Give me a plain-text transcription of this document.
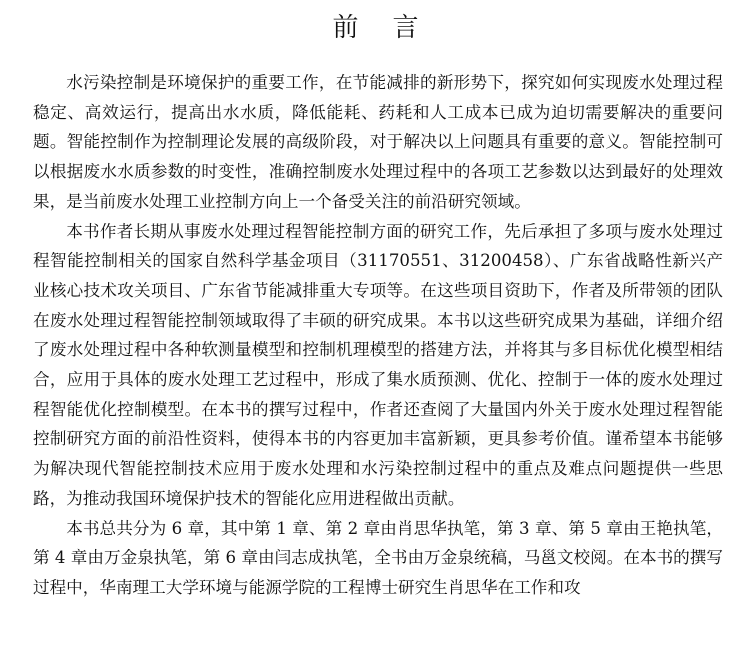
前言

水污染控制是环境保护的重要工作，在节能减排的新形势下，探究如何实现废水处理过程稳定、高效运行，提高出水水质，降低能耗、药耗和人工成本已成为迫切需要解决的重要问题。智能控制作为控制理论发展的高级阶段，对于解决以上问题具有重要的意义。智能控制可以根据废水水质参数的时变性，准确控制废水处理过程中的各项工艺参数以达到最好的处理效果，是当前废水处理工业控制方向上一个备受关注的前沿研究领域。

本书作者长期从事废水处理过程智能控制方面的研究工作，先后承担了多项与废水处理过程智能控制相关的国家自然科学基金项目（31170551、31200458）、广东省战略性新兴产业核心技术攻关项目、广东省节能减排重大专项等。在这些项目资助下，作者及所带领的团队在废水处理过程智能控制领域取得了丰硕的研究成果。本书以这些研究成果为基础，详细介绍了废水处理过程中各种软测量模型和控制机理模型的搭建方法，并将其与多目标优化模型相结合，应用于具体的废水处理工艺过程中，形成了集水质预测、优化、控制于一体的废水处理过程智能优化控制模型。在本书的撰写过程中，作者还查阅了大量国内外关于废水处理过程智能控制研究方面的前沿性资料，使得本书的内容更加丰富新颖，更具参考价值。谨希望本书能够为解决现代智能控制技术应用于废水处理和水污染控制过程中的重点及难点问题提供一些思路，为推动我国环境保护技术的智能化应用进程做出贡献。

本书总共分为 6 章，其中第 1 章、第 2 章由肖思华执笔，第 3 章、第 5 章由王艳执笔，第 4 章由万金泉执笔，第 6 章由闫志成执笔，全书由万金泉统稿，马邕文校阅。在本书的撰写过程中，华南理工大学环境与能源学院的工程博士研究生肖思华在工作和攻
